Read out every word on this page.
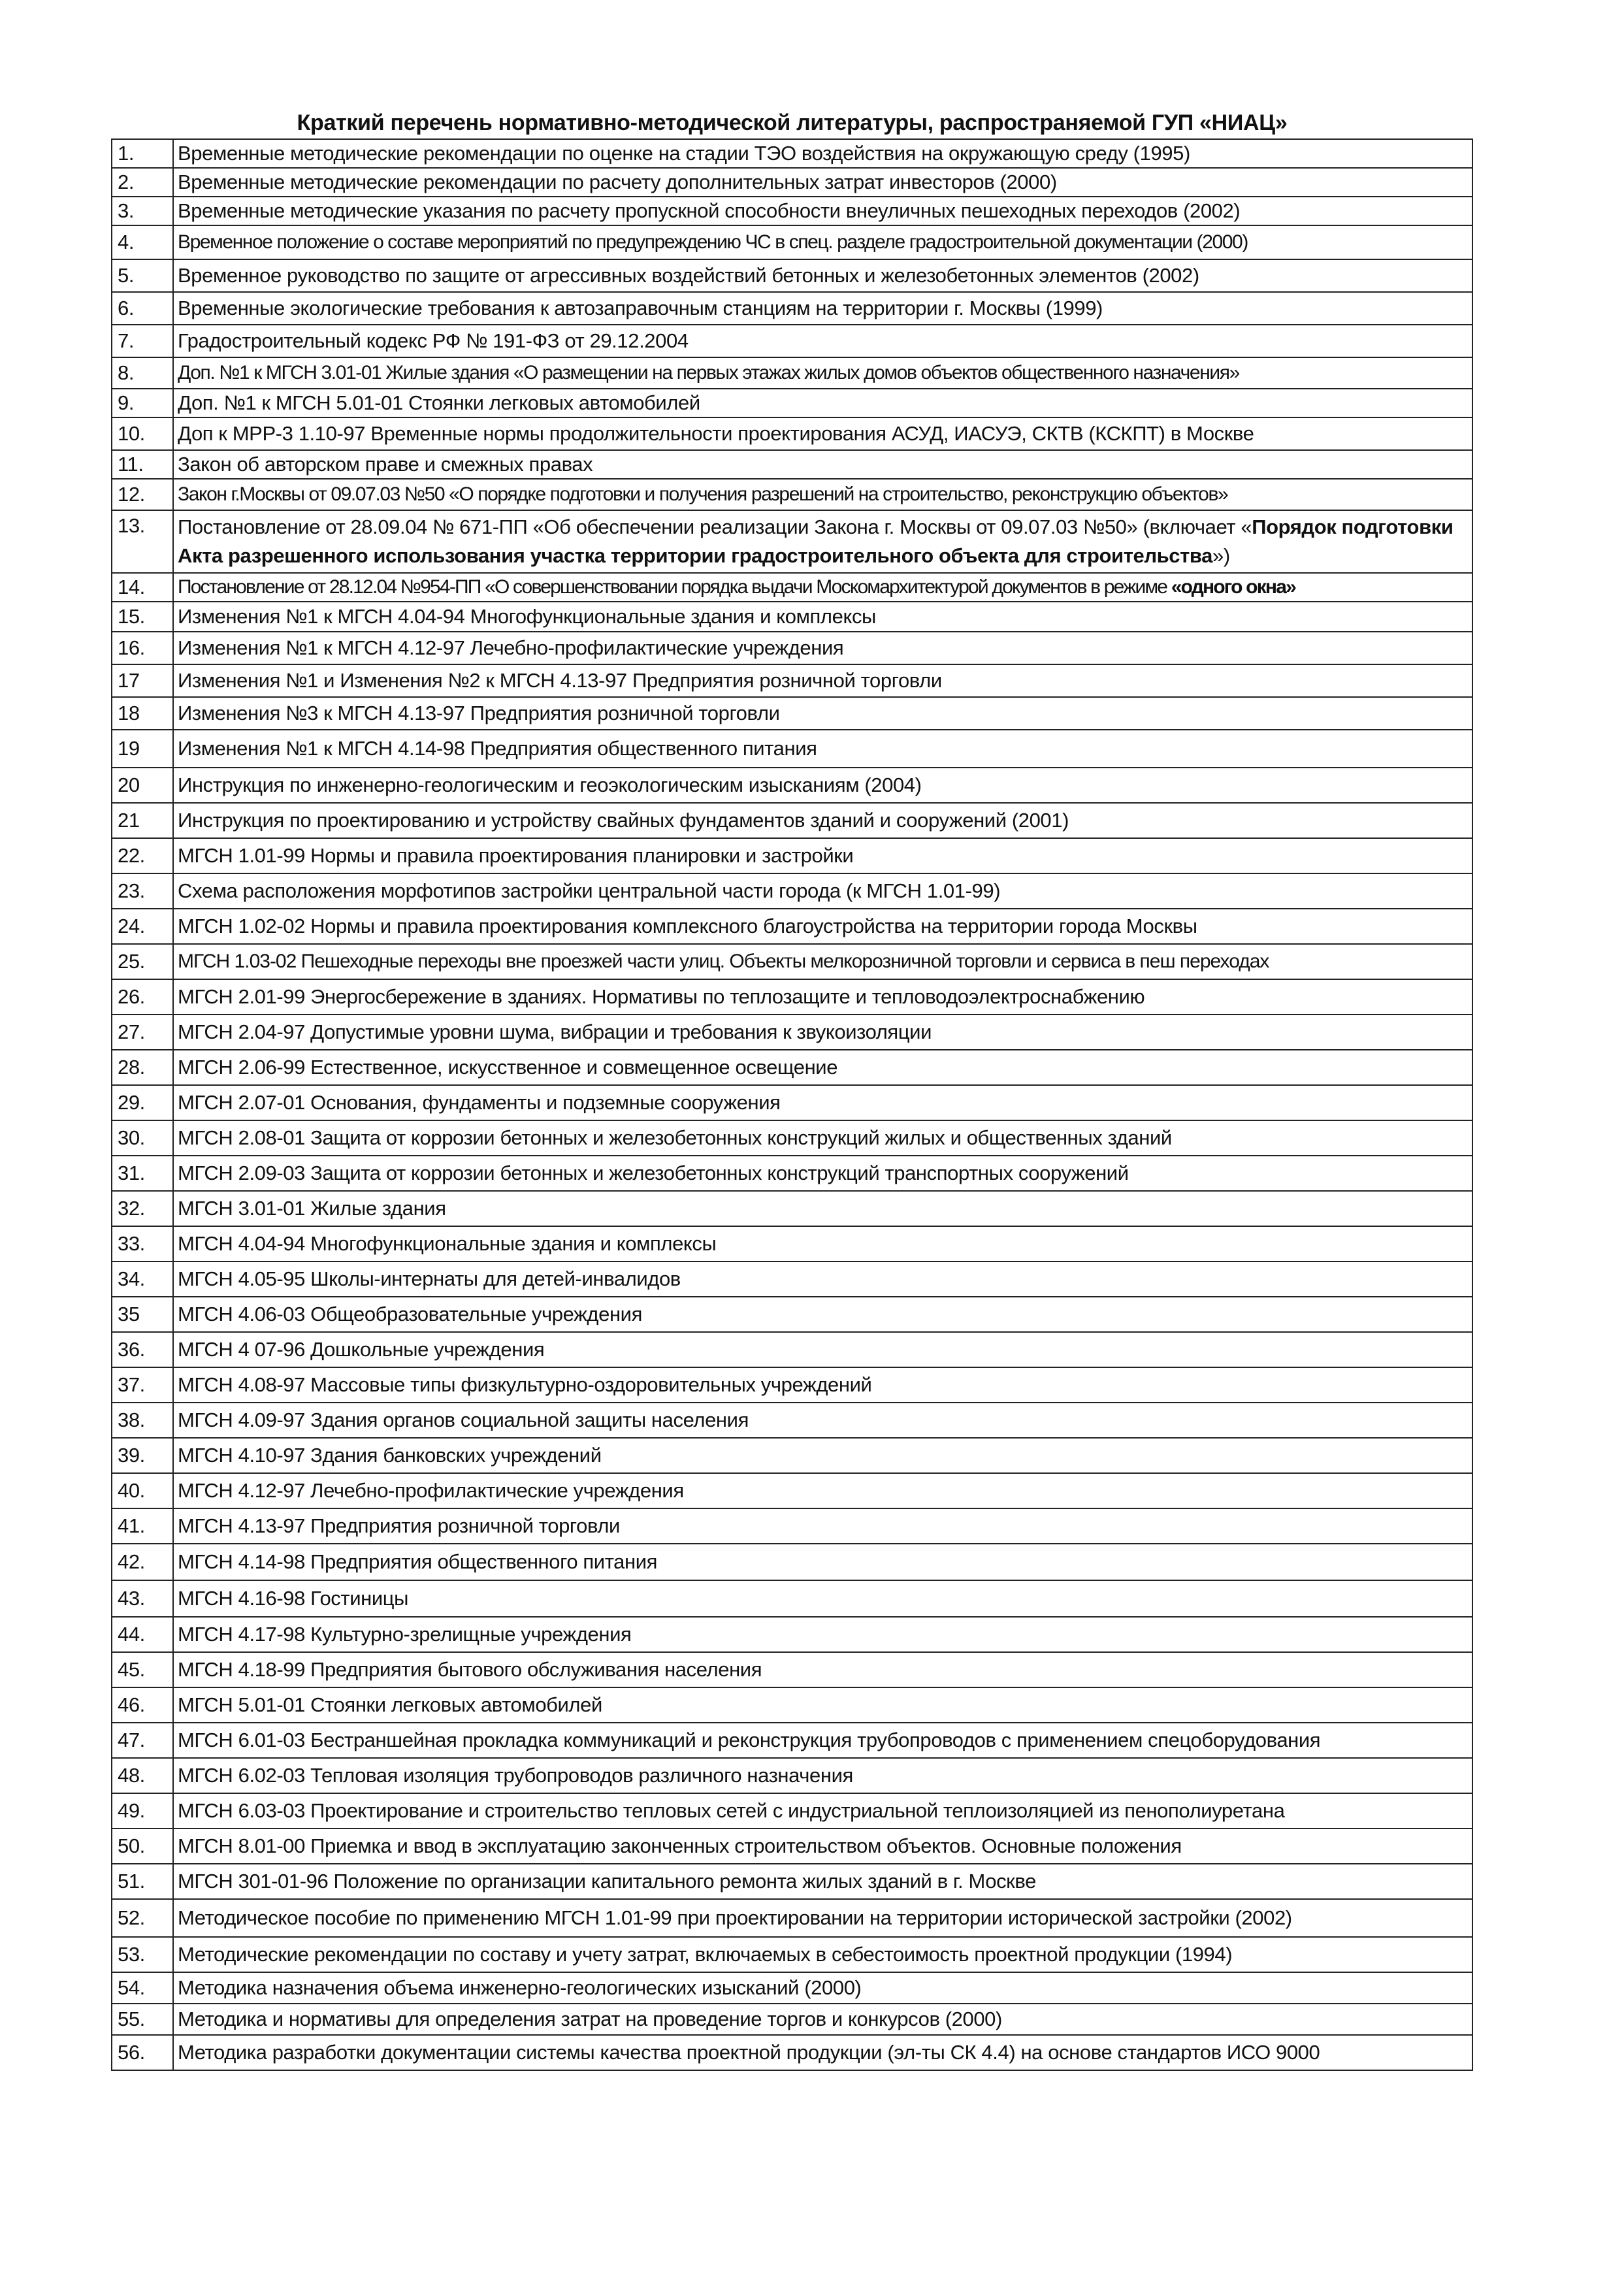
Краткий перечень нормативно-методической литературы, распространяемой ГУП «НИАЦ»
1.	Временные методические рекомендации по оценке на стадии ТЭО воздействия на окружающую среду (1995)
2.	Временные методические рекомендации по расчету дополнительных затрат инвесторов (2000)
3.	Временные методические указания по расчету пропускной способности внеуличных пешеходных переходов (2002)
4.	Временное положение о составе мероприятий по предупреждению ЧС в спец. разделе градостроительной документации (2000)
5.	Временное руководство по защите от агрессивных воздействий бетонных и железобетонных элементов (2002)
6.	Временные экологические требования к автозаправочным станциям на территории г. Москвы (1999)
7.	Градостроительный кодекс РФ № 191-ФЗ от 29.12.2004
8.	Доп. №1 к МГСН 3.01-01 Жилые здания «О размещении на первых этажах жилых домов объектов общественного назначения»
9.	Доп. №1 к МГСН 5.01-01 Стоянки легковых автомобилей
10.	Доп к МРР-3 1.10-97 Временные нормы продолжительности проектирования АСУД, ИАСУЭ, СКТВ (КСКПТ) в Москве
11.	Закон об авторском праве и смежных правах
12.	Закон г.Москвы от 09.07.03 №50 «О порядке подготовки и получения разрешений на строительство, реконструкцию объектов»
13.	Постановление от 28.09.04 № 671-ПП «Об обеспечении реализации Закона г. Москвы от 09.07.03 №50» (включает «Порядок подготовки Акта разрешенного использования участка территории градостроительного объекта для строительства»)
14.	Постановление от 28.12.04 №954-ПП «О совершенствовании порядка выдачи Москомархитектурой документов в режиме «одного окна»
15.	Изменения №1 к МГСН 4.04-94 Многофункциональные здания и комплексы
16.	Изменения №1 к МГСН 4.12-97 Лечебно-профилактические учреждения
17	Изменения №1 и Изменения №2 к МГСН 4.13-97 Предприятия розничной торговли
18	Изменения №3 к МГСН 4.13-97 Предприятия розничной торговли
19	Изменения №1 к МГСН 4.14-98 Предприятия общественного питания
20	Инструкция по инженерно-геологическим и геоэкологическим изысканиям (2004)
21	Инструкция по проектированию и устройству свайных фундаментов зданий и сооружений (2001)
22.	МГСН 1.01-99 Нормы и правила проектирования планировки и застройки
23.	Схема расположения морфотипов застройки центральной части города (к МГСН 1.01-99)
24.	МГСН 1.02-02 Нормы и правила проектирования комплексного благоустройства на территории города Москвы
25.	МГСН 1.03-02 Пешеходные переходы вне проезжей части улиц. Объекты мелкорозничной торговли и сервиса в пеш переходах
26.	МГСН 2.01-99 Энергосбережение в зданиях. Нормативы по теплозащите и тепловодоэлектроснабжению
27.	МГСН 2.04-97 Допустимые уровни шума, вибрации и требования к звукоизоляции
28.	МГСН 2.06-99 Естественное, искусственное и совмещенное освещение
29.	МГСН 2.07-01 Основания, фундаменты и подземные сооружения
30.	МГСН 2.08-01 Защита от коррозии бетонных и железобетонных конструкций жилых и общественных зданий
31.	МГСН 2.09-03 Защита от коррозии бетонных и железобетонных конструкций транспортных сооружений
32.	МГСН 3.01-01 Жилые здания
33.	МГСН 4.04-94 Многофункциональные здания и комплексы
34.	МГСН 4.05-95 Школы-интернаты для детей-инвалидов
35	МГСН 4.06-03 Общеобразовательные учреждения
36.	МГСН 4 07-96 Дошкольные учреждения
37.	МГСН 4.08-97 Массовые типы физкультурно-оздоровительных учреждений
38.	МГСН 4.09-97 Здания органов социальной защиты населения
39.	МГСН 4.10-97 Здания банковских учреждений
40.	МГСН 4.12-97 Лечебно-профилактические учреждения
41.	МГСН 4.13-97 Предприятия розничной торговли
42.	МГСН 4.14-98 Предприятия общественного питания
43.	МГСН 4.16-98 Гостиницы
44.	МГСН 4.17-98 Культурно-зрелищные учреждения
45.	МГСН 4.18-99 Предприятия бытового обслуживания населения
46.	МГСН 5.01-01 Стоянки легковых автомобилей
47.	МГСН 6.01-03 Бестраншейная прокладка коммуникаций и реконструкция трубопроводов с применением спецоборудования
48.	МГСН 6.02-03 Тепловая изоляция трубопроводов различного назначения
49.	МГСН 6.03-03 Проектирование и строительство тепловых сетей с индустриальной теплоизоляцией из пенополиуретана
50.	МГСН 8.01-00 Приемка и ввод в эксплуатацию законченных строительством объектов. Основные положения
51.	МГСН 301-01-96 Положение по организации капитального ремонта жилых зданий в г. Москве
52.	Методическое пособие по применению МГСН 1.01-99 при проектировании на территории исторической застройки (2002)
53.	Методические рекомендации по составу и учету затрат, включаемых в себестоимость проектной продукции (1994)
54.	Методика назначения объема инженерно-геологических изысканий (2000)
55.	Методика и нормативы для определения затрат на проведение торгов и конкурсов (2000)
56.	Методика разработки документации системы качества проектной продукции (эл-ты СК 4.4) на основе стандартов ИСО 9000
